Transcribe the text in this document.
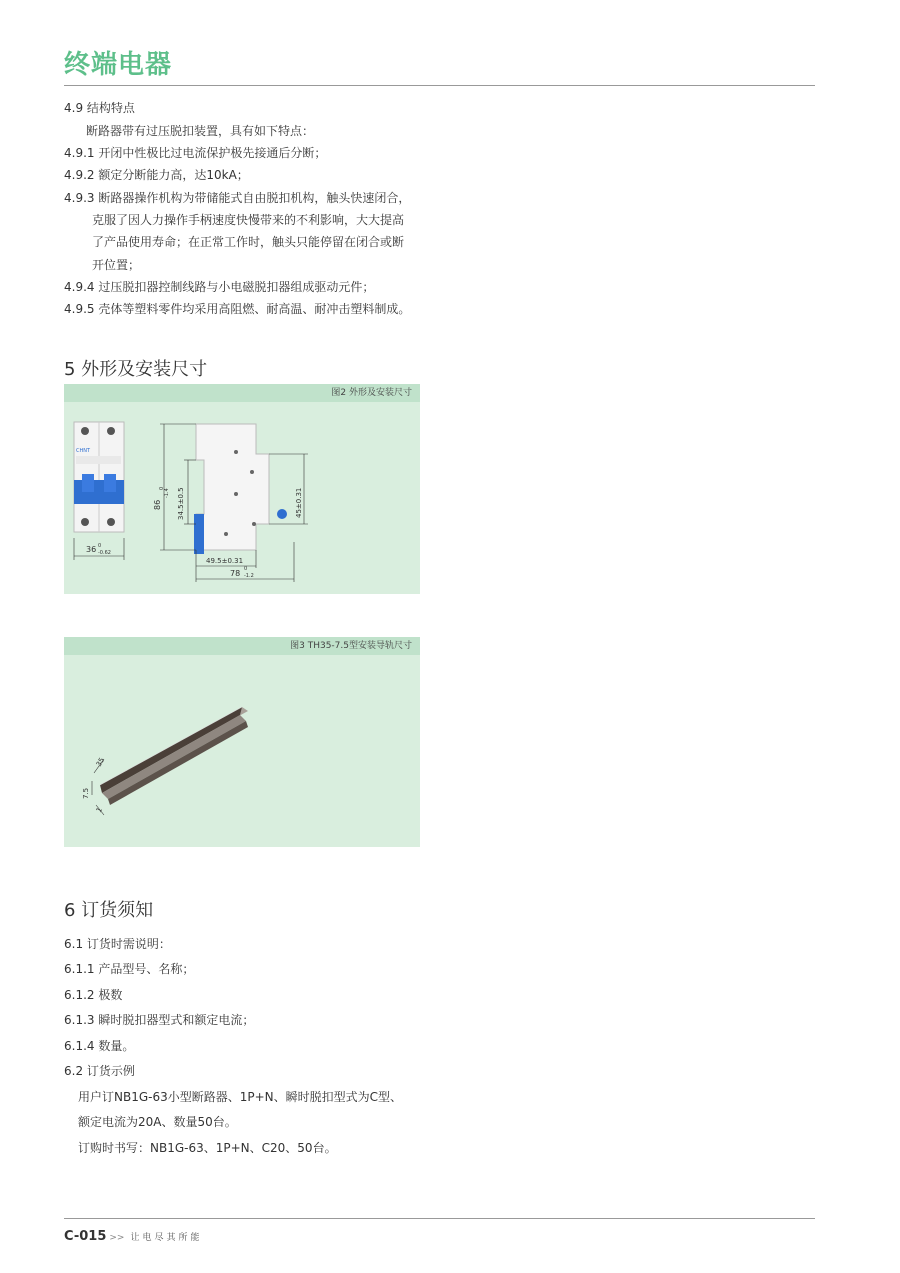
终端电器
4.9 结构特点
断路器带有过压脱扣装置，具有如下特点：
4.9.1 开闭中性极比过电流保护极先接通后分断；
4.9.2 额定分断能力高，达10kA；
4.9.3 断路器操作机构为带储能式自由脱扣机构，触头快速闭合，
克服了因人力操作手柄速度快慢带来的不利影响，大大提高
了产品使用寿命；在正常工作时，触头只能停留在闭合或断
开位置；
4.9.4 过压脱扣器控制线路与小电磁脱扣器组成驱动元件；
4.9.5 壳体等塑料零件均采用高阻燃、耐高温、耐冲击塑料制成。
5 外形及安装尺寸
图2 外形及安装尺寸
CHNT
36 0
-0.62
86
0 -1.4 34.5±0.5	45±0.31
49.5±0.31
78 0
-1.2
图3 TH35-7.5型安装导轨尺寸
35
7.5
1
6 订货须知
6.1 订货时需说明：
6.1.1 产品型号、名称；
6.1.2 极数
6.1.3 瞬时脱扣器型式和额定电流；
6.1.4 数量。
6.2 订货示例
用户订NB1G-63小型断路器、1P+N、瞬时脱扣型式为C型、
额定电流为20A、数量50台。
订购时书写：NB1G-63、1P+N、C20、50台。
C-015 >> 让电尽其所能
